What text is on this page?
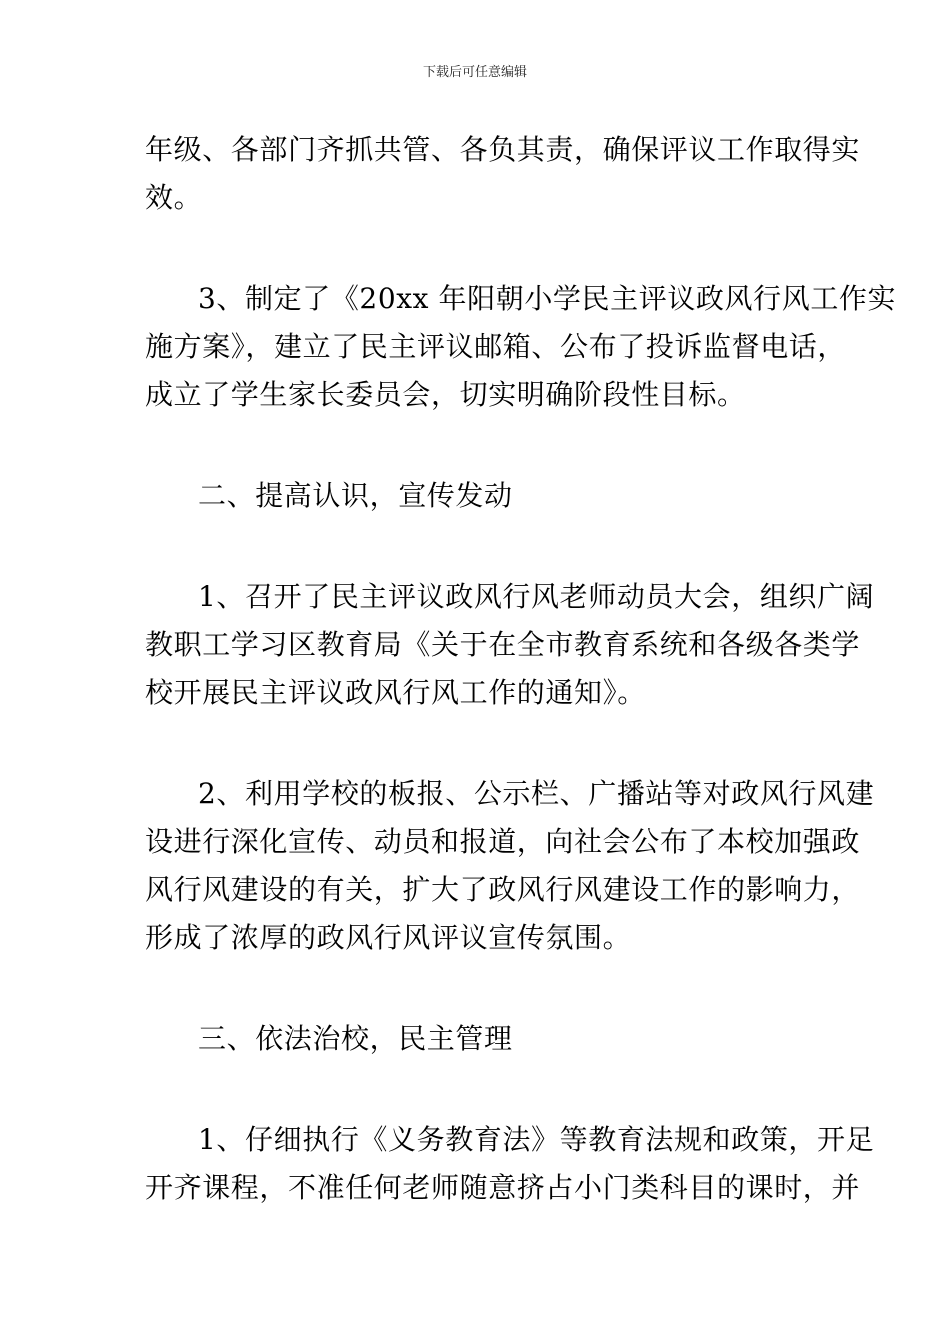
下载后可任意编辑
年级、各部门齐抓共管、各负其责，确保评议工作取得实
效。
3、制定了《20xx 年阳朝小学民主评议政风行风工作实
施方案》，建立了民主评议邮箱、公布了投诉监督电话，
成立了学生家长委员会，切实明确阶段性目标。
二、提高认识，宣传发动
1、召开了民主评议政风行风老师动员大会，组织广阔
教职工学习区教育局《关于在全市教育系统和各级各类学
校开展民主评议政风行风工作的通知》。
2、利用学校的板报、公示栏、广播站等对政风行风建
设进行深化宣传、动员和报道，向社会公布了本校加强政
风行风建设的有关，扩大了政风行风建设工作的影响力，
形成了浓厚的政风行风评议宣传氛围。
三、依法治校，民主管理
1、仔细执行《义务教育法》等教育法规和政策，开足
开齐课程，不准任何老师随意挤占小门类科目的课时，并
